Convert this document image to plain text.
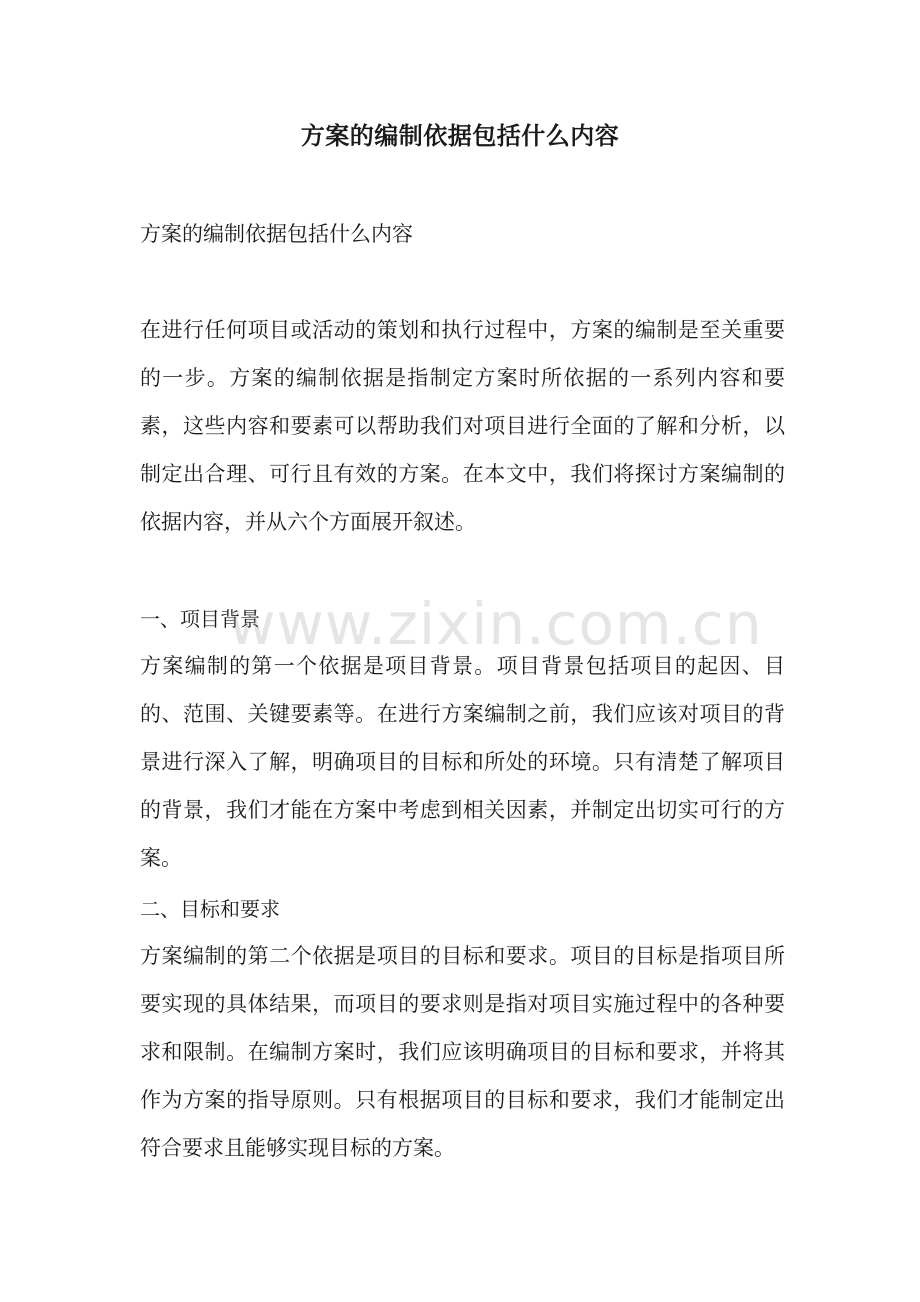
方案的编制依据包括什么内容

方案的编制依据包括什么内容

在进行任何项目或活动的策划和执行过程中，方案的编制是至关重要的一步。方案的编制依据是指制定方案时所依据的一系列内容和要素，这些内容和要素可以帮助我们对项目进行全面的了解和分析，以制定出合理、可行且有效的方案。在本文中，我们将探讨方案编制的依据内容，并从六个方面展开叙述。

一、项目背景

方案编制的第一个依据是项目背景。项目背景包括项目的起因、目的、范围、关键要素等。在进行方案编制之前，我们应该对项目的背景进行深入了解，明确项目的目标和所处的环境。只有清楚了解项目的背景，我们才能在方案中考虑到相关因素，并制定出切实可行的方案。

二、目标和要求

方案编制的第二个依据是项目的目标和要求。项目的目标是指项目所要实现的具体结果，而项目的要求则是指对项目实施过程中的各种要求和限制。在编制方案时，我们应该明确项目的目标和要求，并将其作为方案的指导原则。只有根据项目的目标和要求，我们才能制定出符合要求且能够实现目标的方案。

www.zixin.com.cn
